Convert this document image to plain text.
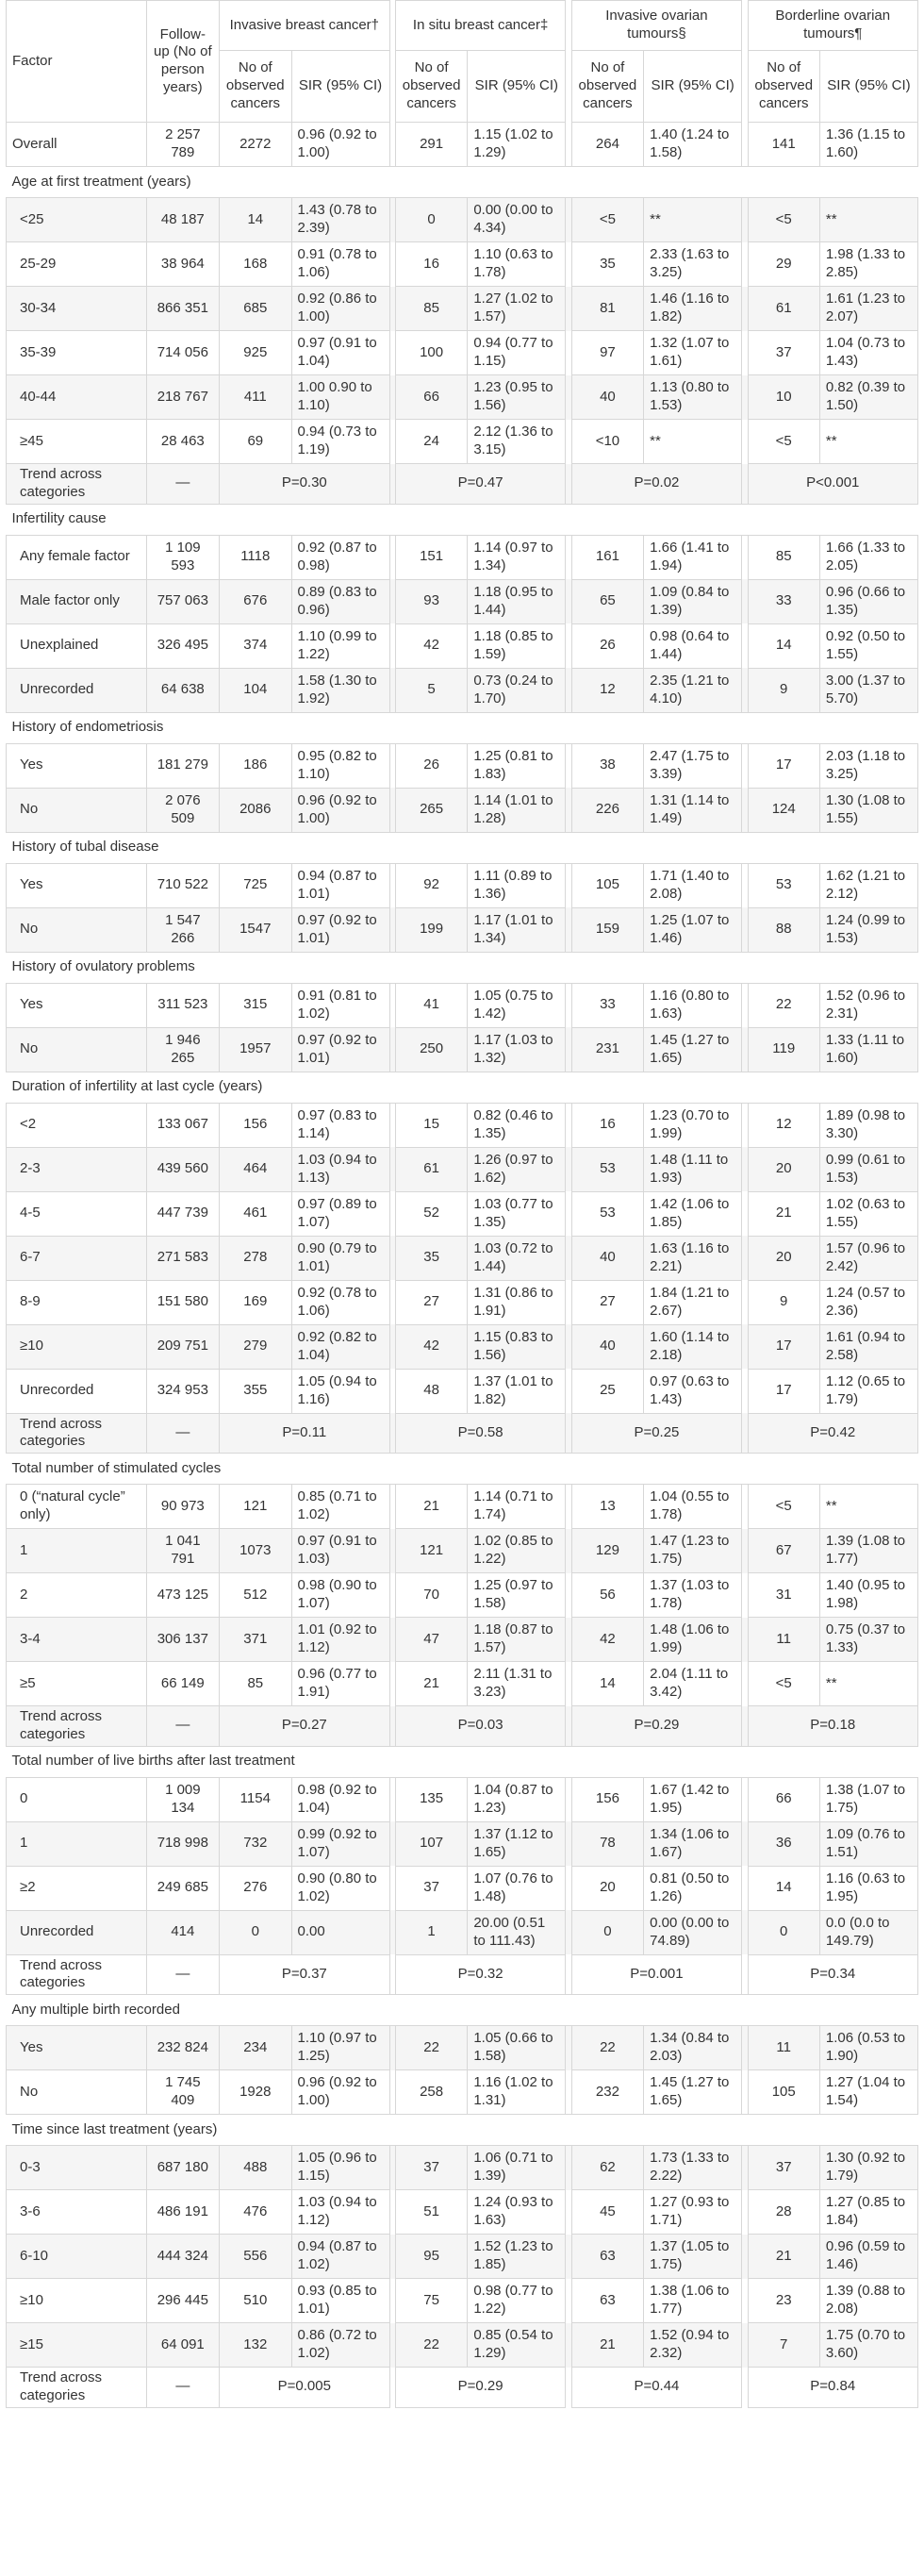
Factor	Follow-up (No of person years)	Invasive breast cancer†			In situ breast cancer‡			Invasive ovarian tumours§			Borderline ovarian tumours¶	
		No of observed cancers	SIR (95% CI)		No of observed cancers	SIR (95% CI)		No of observed cancers	SIR (95% CI)		No of observed cancers	SIR (95% CI)
Overall	2 257 789	2272	0.96 (0.92 to 1.00)		291	1.15 (1.02 to 1.29)		264	1.40 (1.24 to 1.58)		141	1.36 (1.15 to 1.60)
Age at first treatment (years)												
<25	48 187	14	1.43 (0.78 to 2.39)		0	0.00 (0.00 to 4.34)		<5	**		<5	**
25-29	38 964	168	0.91 (0.78 to 1.06)		16	1.10 (0.63 to 1.78)		35	2.33 (1.63 to 3.25)		29	1.98 (1.33 to 2.85)
30-34	866 351	685	0.92 (0.86 to 1.00)		85	1.27 (1.02 to 1.57)		81	1.46 (1.16 to 1.82)		61	1.61 (1.23 to 2.07)
35-39	714 056	925	0.97 (0.91 to 1.04)		100	0.94 (0.77 to 1.15)		97	1.32 (1.07 to 1.61)		37	1.04 (0.73 to 1.43)
40-44	218 767	411	1.00 0.90 to 1.10)		66	1.23 (0.95 to 1.56)		40	1.13 (0.80 to 1.53)		10	0.82 (0.39 to 1.50)
≥45	28 463	69	0.94 (0.73 to 1.19)		24	2.12 (1.36 to 3.15)		<10	**		<5	**
Trend across categories	—	P=0.30			P=0.47			P=0.02			P<0.001	
Infertility cause												
Any female factor	1 109 593	1118	0.92 (0.87 to 0.98)		151	1.14 (0.97 to 1.34)		161	1.66 (1.41 to 1.94)		85	1.66 (1.33 to 2.05)
Male factor only	757 063	676	0.89 (0.83 to 0.96)		93	1.18 (0.95 to 1.44)		65	1.09 (0.84 to 1.39)		33	0.96 (0.66 to 1.35)
Unexplained	326 495	374	1.10 (0.99 to 1.22)		42	1.18 (0.85 to 1.59)		26	0.98 (0.64 to 1.44)		14	0.92 (0.50 to 1.55)
Unrecorded	64 638	104	1.58 (1.30 to 1.92)		5	0.73 (0.24 to 1.70)		12	2.35 (1.21 to 4.10)		9	3.00 (1.37 to 5.70)
History of endometriosis												
Yes	181 279	186	0.95 (0.82 to 1.10)		26	1.25 (0.81 to 1.83)		38	2.47 (1.75 to 3.39)		17	2.03 (1.18 to 3.25)
No	2 076 509	2086	0.96 (0.92 to 1.00)		265	1.14 (1.01 to 1.28)		226	1.31 (1.14 to 1.49)		124	1.30 (1.08 to 1.55)
History of tubal disease												
Yes	710 522	725	0.94 (0.87 to 1.01)		92	1.11 (0.89 to 1.36)		105	1.71 (1.40 to 2.08)		53	1.62 (1.21 to 2.12)
No	1 547 266	1547	0.97 (0.92 to 1.01)		199	1.17 (1.01 to 1.34)		159	1.25 (1.07 to 1.46)		88	1.24 (0.99 to 1.53)
History of ovulatory problems												
Yes	311 523	315	0.91 (0.81 to 1.02)		41	1.05 (0.75 to 1.42)		33	1.16 (0.80 to 1.63)		22	1.52 (0.96 to 2.31)
No	1 946 265	1957	0.97 (0.92 to 1.01)		250	1.17 (1.03 to 1.32)		231	1.45 (1.27 to 1.65)		119	1.33 (1.11 to 1.60)
Duration of infertility at last cycle (years)												
<2	133 067	156	0.97 (0.83 to 1.14)		15	0.82 (0.46 to 1.35)		16	1.23 (0.70 to 1.99)		12	1.89 (0.98 to 3.30)
2-3	439 560	464	1.03 (0.94 to 1.13)		61	1.26 (0.97 to 1.62)		53	1.48 (1.11 to 1.93)		20	0.99 (0.61 to 1.53)
4-5	447 739	461	0.97 (0.89 to 1.07)		52	1.03 (0.77 to 1.35)		53	1.42 (1.06 to 1.85)		21	1.02 (0.63 to 1.55)
6-7	271 583	278	0.90 (0.79 to 1.01)		35	1.03 (0.72 to 1.44)		40	1.63 (1.16 to 2.21)		20	1.57 (0.96 to 2.42)
8-9	151 580	169	0.92 (0.78 to 1.06)		27	1.31 (0.86 to 1.91)		27	1.84 (1.21 to 2.67)		9	1.24 (0.57 to 2.36)
≥10	209 751	279	0.92 (0.82 to 1.04)		42	1.15 (0.83 to 1.56)		40	1.60 (1.14 to 2.18)		17	1.61 (0.94 to 2.58)
Unrecorded	324 953	355	1.05 (0.94 to 1.16)		48	1.37 (1.01 to 1.82)		25	0.97 (0.63 to 1.43)		17	1.12 (0.65 to 1.79)
Trend across categories	—	P=0.11			P=0.58			P=0.25			P=0.42	
Total number of stimulated cycles												
0 (“natural cycle” only)	90 973	121	0.85 (0.71 to 1.02)		21	1.14 (0.71 to 1.74)		13	1.04 (0.55 to 1.78)		<5	**
1	1 041 791	1073	0.97 (0.91 to 1.03)		121	1.02 (0.85 to 1.22)		129	1.47 (1.23 to 1.75)		67	1.39 (1.08 to 1.77)
2	473 125	512	0.98 (0.90 to 1.07)		70	1.25 (0.97 to 1.58)		56	1.37 (1.03 to 1.78)		31	1.40 (0.95 to 1.98)
3-4	306 137	371	1.01 (0.92 to 1.12)		47	1.18 (0.87 to 1.57)		42	1.48 (1.06 to 1.99)		11	0.75 (0.37 to 1.33)
≥5	66 149	85	0.96 (0.77 to 1.91)		21	2.11 (1.31 to 3.23)		14	2.04 (1.11 to 3.42)		<5	**
Trend across categories	—	P=0.27			P=0.03			P=0.29			P=0.18	
Total number of live births after last treatment												
0	1 009 134	1154	0.98 (0.92 to 1.04)		135	1.04 (0.87 to 1.23)		156	1.67 (1.42 to 1.95)		66	1.38 (1.07 to 1.75)
1	718 998	732	0.99 (0.92 to 1.07)		107	1.37 (1.12 to 1.65)		78	1.34 (1.06 to 1.67)		36	1.09 (0.76 to 1.51)
≥2	249 685	276	0.90 (0.80 to 1.02)		37	1.07 (0.76 to 1.48)		20	0.81 (0.50 to 1.26)		14	1.16 (0.63 to 1.95)
Unrecorded	414	0	0.00		1	20.00 (0.51 to 111.43)		0	0.00 (0.00 to 74.89)		0	0.0 (0.0 to 149.79)
Trend across categories	—	P=0.37			P=0.32			P=0.001			P=0.34	
Any multiple birth recorded												
Yes	232 824	234	1.10 (0.97 to 1.25)		22	1.05 (0.66 to 1.58)		22	1.34 (0.84 to 2.03)		11	1.06 (0.53 to 1.90)
No	1 745 409	1928	0.96 (0.92 to 1.00)		258	1.16 (1.02 to 1.31)		232	1.45 (1.27 to 1.65)		105	1.27 (1.04 to 1.54)
Time since last treatment (years)												
0-3	687 180	488	1.05 (0.96 to 1.15)		37	1.06 (0.71 to 1.39)		62	1.73 (1.33 to 2.22)		37	1.30 (0.92 to 1.79)
3-6	486 191	476	1.03 (0.94 to 1.12)		51	1.24 (0.93 to 1.63)		45	1.27 (0.93 to 1.71)		28	1.27 (0.85 to 1.84)
6-10	444 324	556	0.94 (0.87 to 1.02)		95	1.52 (1.23 to 1.85)		63	1.37 (1.05 to 1.75)		21	0.96 (0.59 to 1.46)
≥10	296 445	510	0.93 (0.85 to 1.01)		75	0.98 (0.77 to 1.22)		63	1.38 (1.06 to 1.77)		23	1.39 (0.88 to 2.08)
≥15	64 091	132	0.86 (0.72 to 1.02)		22	0.85 (0.54 to 1.29)		21	1.52 (0.94 to 2.32)		7	1.75 (0.70 to 3.60)
Trend across categories	—	P=0.005			P=0.29			P=0.44			P=0.84	
